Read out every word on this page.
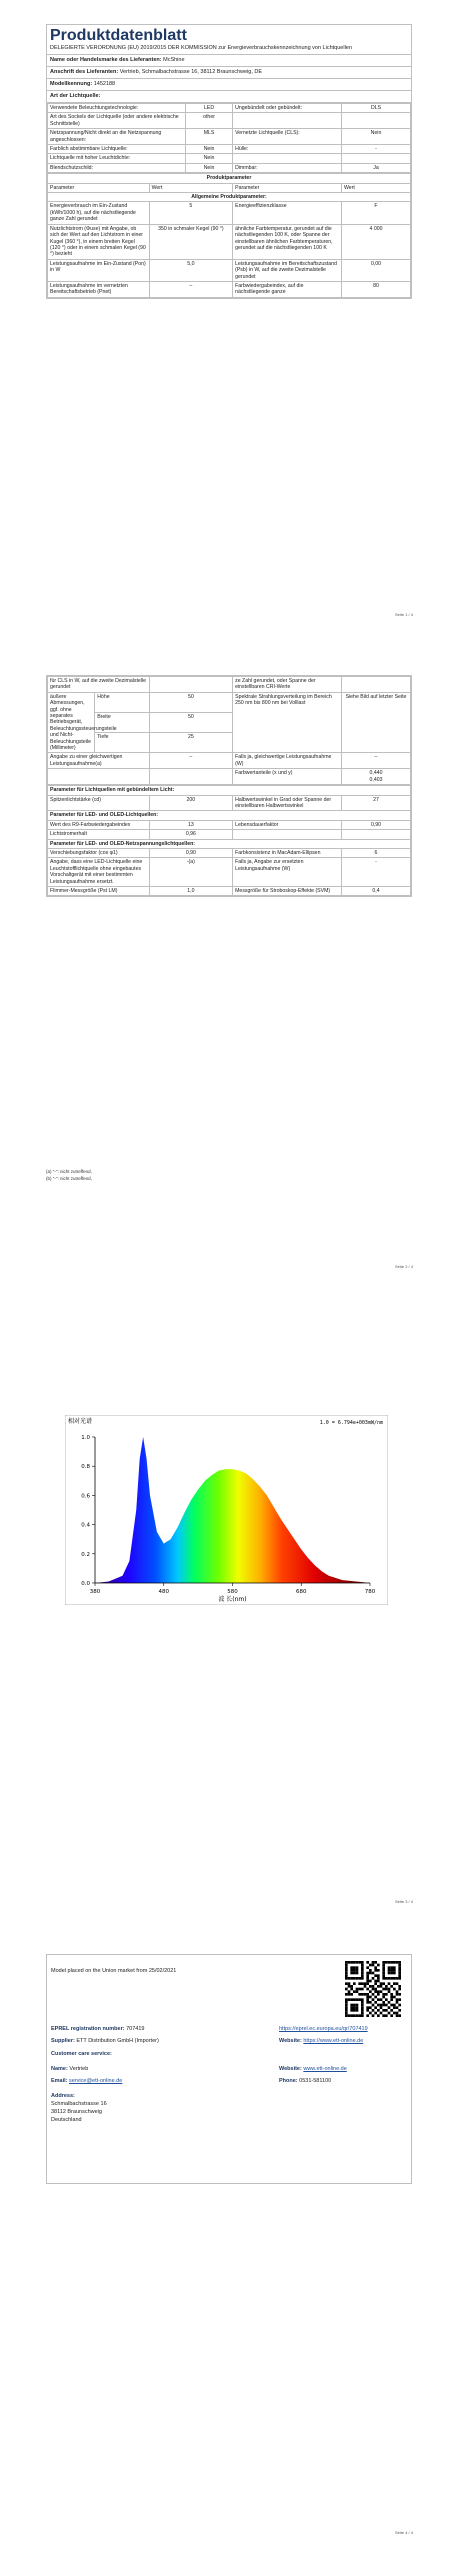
Produktdatenblatt
DELEGIERTE VERORDNUNG (EU) 2019/2015 DER KOMMISSION zur Energieverbrauchskennzeichnung von Lichtquellen
Name oder Handelsmarke des Lieferanten: McShine
Anschrift des Lieferanten: Vertrieb, Schmalbachstrasse 16, 38112 Braunschweig, DE
Modellkennung: 1452188
Art der Lichtquelle:
Verwendete Beleuchtungstechnologie:	LED	Ungebündelt oder gebündelt:	DLS
Art des Sockels der Lichtquelle (oder andere elektrische Schnittstelle)	other		
Netzspannung/Nicht direkt an die Netzspannung angeschlossen:	MLS	Vernetzte Lichtquelle (CLS):	Nein
Farblich abstimmbare Lichtquelle:	Nein	Hülle:	-
Lichtquelle mit hoher Leuchtdichte:	Nein		
Blendschutzschild:	Nein	Dimmbar:	Ja
Produktparameter			
Parameter	Wert	Parameter	Wert
Allgemeine Produktparameter:			
Energieverbrauch im Ein-Zustand (kWh/1000 h), auf die nächstliegende ganze Zahl gerundet	5	Energieeffizienzklasse	F
Nutzlichtstrom (Φuse) mit Angabe, ob sich der Wert auf den Lichtstrom in einer Kugel (360 °), in einem breiten Kegel (120 °) oder in einem schmalen Kegel (90 °) bezieht	350 in schmaler Kegel (90 °)	ähnliche Farbtemperatur, gerundet auf die nächstliegenden 100 K, oder Spanne der einstellbaren ähnlichen Farbtemperaturen, gerundet auf die nächstliegenden 100 K	4 000
Leistungsaufnahme im Ein-Zustand (Pon) in W	5,0	Leistungsaufnahme im Bereitschaftszustand (Psb) in W, auf die zweite Dezimalstelle gerundet	0,00
Leistungsaufnahme im vernetzten Bereitschaftsbetrieb (Pnet)	–	Farbwiedergabeindex, auf die nächstliegende ganze	80
Seite 1 / 4
für CLS in W, auf die zweite Dezimalstelle gerundet			ze Zahl gerundet, oder Spanne der einstellbaren CRI-Werte	
äußere Abmessungen, ggf. ohne separates Betriebsgerät, Beleuchtungssteuerungsteile und Nicht-Beleuchtungsteile (Millimeter)	Höhe	50	Spektrale Strahlungsverteilung im Bereich 250 nm bis 800 nm bei Volllast	Siehe Bild auf letzter Seite
	Breite	50		
	Tiefe	25		
Angabe zu einer gleichwertigen Leistungsaufnahme(a)		–	Falls ja, gleichwertige Leistungsaufnahme (W)	–
			Farbwertanteile (x und y)	0,440
0,403
Parameter für Lichtquellen mit gebündeltem Licht:			
Spitzenlichtstärke (cd)	200	Halbwertswinkel in Grad oder Spanne der einstellbaren Halbwertswinkel	27
Parameter für LED- und OLED-Lichtquellen:			
Wert des R9-Farbwiedergabeindex	13	Lebensdauerfaktor	0,90
Lichtstromerhalt	0,96		
Parameter für LED- und OLED-Netzspannungslichtquellen:			
Verschiebungsfaktor (cos φ1)	0,90	Farbkonsistenz in MacAdam-Ellipsen	6
Angabe, dass eine LED-Lichtquelle eine Leuchtstofflichtquelle ohne eingebautes Vorschaltgerät mit einer bestimmten Leistungsaufnahme ersetzt.	-(a)	Falls ja, Angabe zur ersetzten Leistungsaufnahme (W)	-
Flimmer-Messgröße (Pst LM)	1,0	Messgröße für Stroboskop-Effekte (SVM)	0,4
(a) "-": nicht zutreffend,
(b) "-": nicht zutreffend,
Seite 2 / 4
相对光谱	1.0 = 6.794e+003mW/nm
0.0
0.2
0.4
0.6
0.8
1.0
380	480	580	680	780
波 长(nm)
Seite 3 / 4
Model placed on the Union market from 25/02/2021
EPREL registration number: 707419	https://eprel.ec.europa.eu/qr/707419
Supplier: ETT Distribution GmbH (Importer)	Website: https://www.ett-online.de
Customer care service:
Name: Vertrieb	Website: www.ett-online.de
Email: service@ett-online.de	Phone: 0531-581100
Address:
Schmalbachstrasse 16
38112 Braunschweig
Deutschland
Seite 4 / 4
